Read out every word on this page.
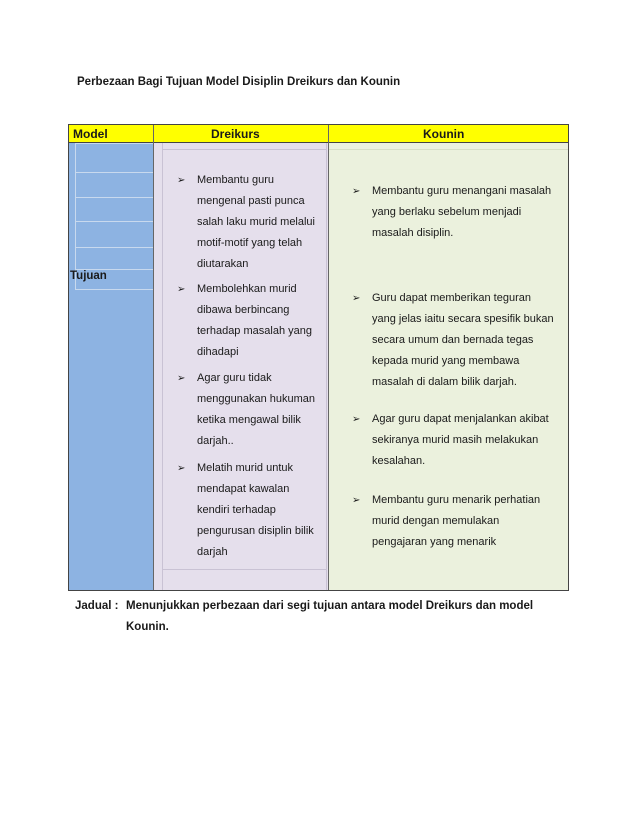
Perbezaan Bagi Tujuan Model Disiplin Dreikurs dan Kounin
Model	Dreikurs	Kounin
Tujuan
➢ Membantu guru
mengenal pasti punca
salah laku murid melalui
motif-motif yang telah
diutarakan
➢ Membolehkan murid
dibawa berbincang
terhadap masalah yang
dihadapi
➢ Agar guru tidak
menggunakan hukuman
ketika mengawal bilik
darjah..
➢ Melatih murid untuk
mendapat kawalan
kendiri terhadap
pengurusan disiplin bilik
darjah
➢ Membantu guru menangani masalah
yang berlaku sebelum menjadi
masalah disiplin.
➢ Guru dapat memberikan teguran
yang jelas iaitu secara spesifik bukan
secara umum dan bernada tegas
kepada murid yang membawa
masalah di dalam bilik darjah.
➢ Agar guru dapat menjalankan akibat
sekiranya murid masih melakukan
kesalahan.
➢ Membantu guru menarik perhatian
murid dengan memulakan
pengajaran yang menarik
Jadual : Menunjukkan perbezaan dari segi tujuan antara model Dreikurs dan model
Kounin.
